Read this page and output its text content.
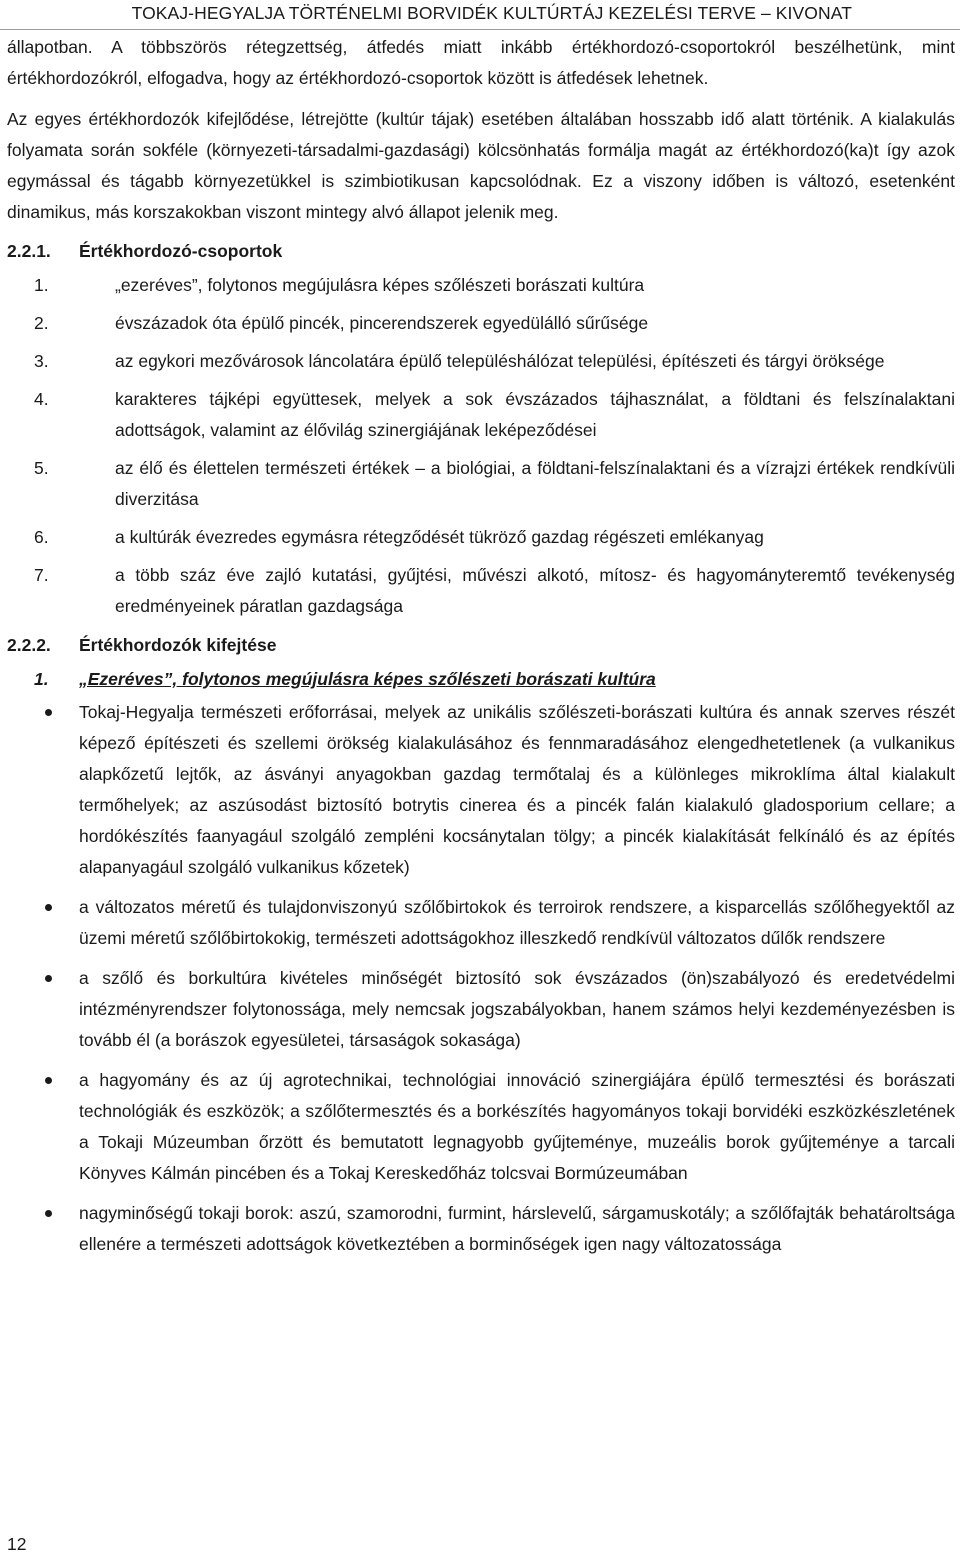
TOKAJ-HEGYALJA TÖRTÉNELMI BORVIDÉK KULTÚRTÁJ KEZELÉSI TERVE – KIVONAT

állapotban. A többszörös rétegzettség, átfedés miatt inkább értékhordozó-csoportokról beszélhetünk, mint értékhordozókról, elfogadva, hogy az értékhordozó-csoportok között is átfedések lehetnek.

Az egyes értékhordozók kifejlődése, létrejötte (kultúr tájak) esetében általában hosszabb idő alatt történik. A kialakulás folyamata során sokféle (környezeti-társadalmi-gazdasági) kölcsönhatás formálja magát az értékhordozó(ka)t így azok egymással és tágabb környezetükkel is szimbiotikusan kapcsolódnak. Ez a viszony időben is változó, esetenként dinamikus, más korszakokban viszont mintegy alvó állapot jelenik meg.

2.2.1. Értékhordozó-csoportok
1.	„ezeréves”, folytonos megújulásra képes szőlészeti borászati kultúra
2.	évszázadok óta épülő pincék, pincerendszerek egyedülálló sűrűsége
3.	az egykori mezővárosok láncolatára épülő településhálózat települési, építészeti és tárgyi öröksége
4.	karakteres tájképi együttesek, melyek a sok évszázados tájhasználat, a földtani és felszínalaktani adottságok, valamint az élővilág szinergiájának leképeződései
5.	az élő és élettelen természeti értékek – a biológiai, a földtani-felszínalaktani és a vízrajzi értékek rendkívüli diverzitása
6.	a kultúrák évezredes egymásra rétegződését tükröző gazdag régészeti emlékanyag
7.	a több száz éve zajló kutatási, gyűjtési, művészi alkotó, mítosz- és hagyományteremtő tevékenység eredményeinek páratlan gazdagsága
2.2.2. Értékhordozók kifejtése
1. „Ezeréves”, folytonos megújulásra képes szőlészeti borászati kultúra
Tokaj-Hegyalja természeti erőforrásai, melyek az unikális szőlészeti-borászati kultúra és annak szerves részét képező építészeti és szellemi örökség kialakulásához és fennmaradásához elengedhetetlenek (a vulkanikus alapkőzetű lejtők, az ásványi anyagokban gazdag termőtalaj és a különleges mikroklíma által kialakult termőhelyek; az aszúsodást biztosító botrytis cinerea és a pincék falán kialakuló gladosporium cellare; a hordókészítés faanyagául szolgáló zempléni kocsánytalan tölgy; a pincék kialakítását felkínáló és az építés alapanyagául szolgáló vulkanikus kőzetek)
a változatos méretű és tulajdonviszonyú szőlőbirtokok és terroirok rendszere, a kisparcellás szőlőhegyektől az üzemi méretű szőlőbirtokokig, természeti adottságokhoz illeszkedő rendkívül változatos dűlők rendszere
a szőlő és borkultúra kivételes minőségét biztosító sok évszázados (ön)szabályozó és eredetvédelmi intézményrendszer folytonossága, mely nemcsak jogszabályokban, hanem számos helyi kezdeményezésben is tovább él (a borászok egyesületei, társaságok sokasága)
a hagyomány és az új agrotechnikai, technológiai innováció szinergiájára épülő termesztési és borászati technológiák és eszközök; a szőlőtermesztés és a borkészítés hagyományos tokaji borvidéki eszközkészletének a Tokaji Múzeumban őrzött és bemutatott legnagyobb gyűjteménye, muzeális borok gyűjteménye a tarcali Könyves Kálmán pincében és a Tokaj Kereskedőház tolcsvai Bormúzeumában
nagyminőségű tokaji borok: aszú, szamorodni, furmint, hárslevelű, sárgamuskotály; a szőlőfajták behatároltsága ellenére a természeti adottságok következtében a borminőségek igen nagy változatossága
12
